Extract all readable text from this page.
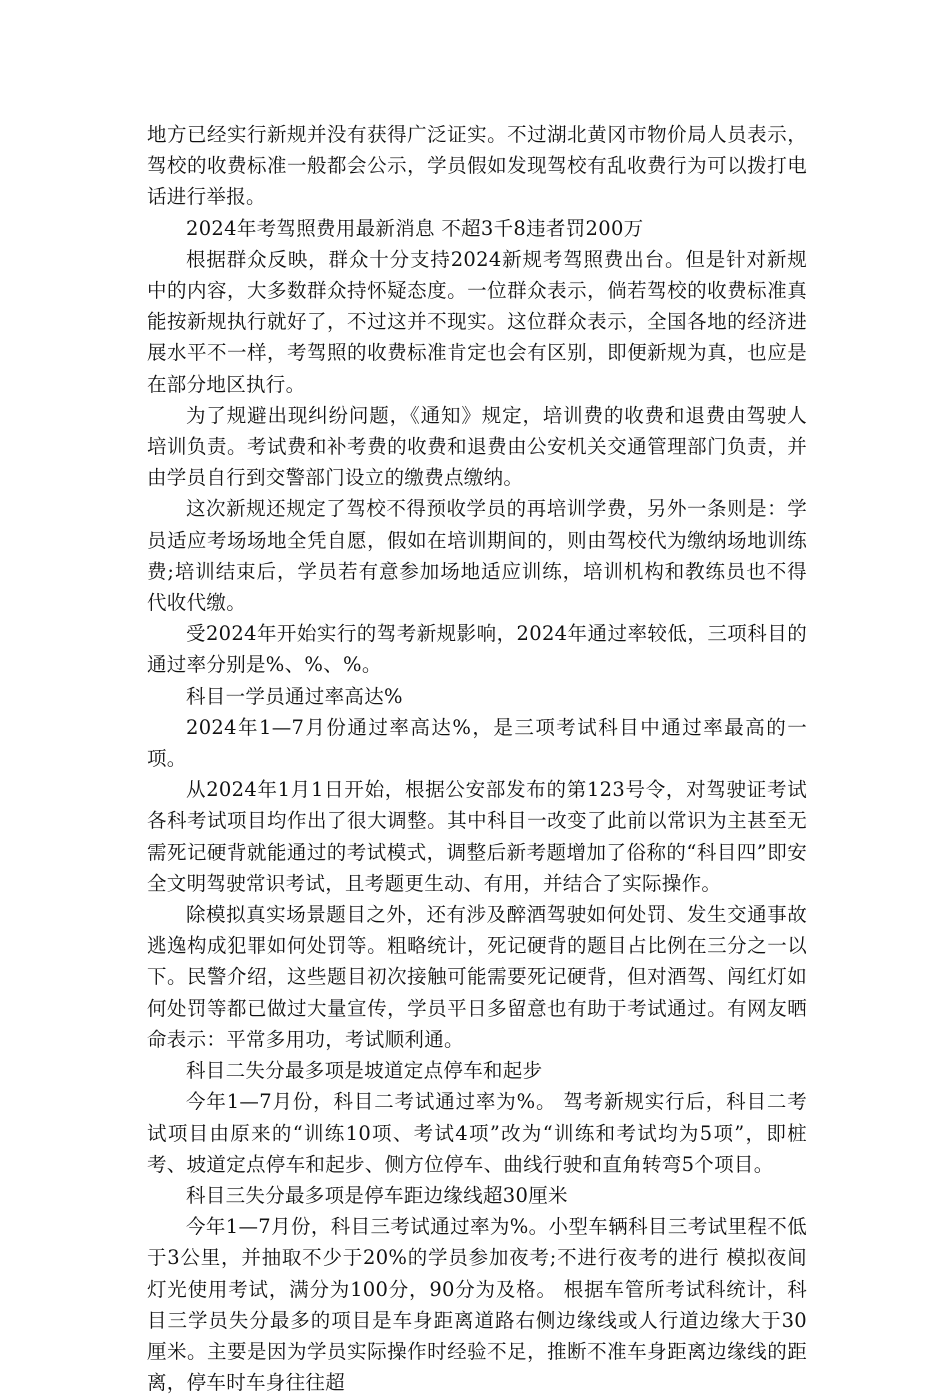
地方已经实行新规并没有获得广泛证实。不过湖北黄冈市物价局人员表示，驾校的收费标准一般都会公示，学员假如发现驾校有乱收费行为可以拨打电话进行举报。

2024年考驾照费用最新消息 不超3千8违者罚200万

根据群众反映，群众十分支持2024新规考驾照费出台。但是针对新规中的内容，大多数群众持怀疑态度。一位群众表示，倘若驾校的收费标准真能按新规执行就好了，不过这并不现实。这位群众表示，全国各地的经济进展水平不一样，考驾照的收费标准肯定也会有区别，即便新规为真，也应是在部分地区执行。

为了规避出现纠纷问题，《通知》规定，培训费的收费和退费由驾驶人培训负责。考试费和补考费的收费和退费由公安机关交通管理部门负责，并由学员自行到交警部门设立的缴费点缴纳。

这次新规还规定了驾校不得预收学员的再培训学费，另外一条则是：学员适应考场场地全凭自愿，假如在培训期间的，则由驾校代为缴纳场地训练费;培训结束后，学员若有意参加场地适应训练，培训机构和教练员也不得代收代缴。

受2024年开始实行的驾考新规影响，2024年通过率较低，三项科目的通过率分别是%、%、%。

科目一学员通过率高达%

2024年1—7月份通过率高达%，是三项考试科目中通过率最高的一项。

从2024年1月1日开始，根据公安部发布的第123号令，对驾驶证考试各科考试项目均作出了很大调整。其中科目一改变了此前以常识为主甚至无 需死记硬背就能通过的考试模式，调整后新考题增加了俗称的“科目四”即安全文明驾驶常识考试，且考题更生动、有用，并结合了实际操作。

除模拟真实场景题目之外，还有涉及醉酒驾驶如何处罚、发生交通事故逃逸构成犯罪如何处罚等。粗略统计，死记硬背的题目占比例在三分之一以下。民警介绍，这些题目初次接触可能需要死记硬背，但对酒驾、闯红灯如何处罚等都已做过大量宣传，学员平日多留意也有助于考试通过。有网友晒命表示：平常多用功，考试顺利通。

科目二失分最多项是坡道定点停车和起步

今年1—7月份，科目二考试通过率为%。 驾考新规实行后，科目二考试项目由原来的“训练10项、考试4项”改为“训练和考试均为5项”，即桩考、坡道定点停车和起步、侧方位停车、曲线行驶和直角转弯5个项目。

科目三失分最多项是停车距边缘线超30厘米

今年1—7月份，科目三考试通过率为%。小型车辆科目三考试里程不低于3公里，并抽取不少于20%的学员参加夜考;不进行夜考的进行 模拟夜间灯光使用考试，满分为100分，90分为及格。 根据车管所考试科统计，科目三学员失分最多的项目是车身距离道路右侧边缘线或人行道边缘大于30 厘米。主要是因为学员实际操作时经验不足，推断不准车身距离边缘线的距离，停车时车身往往超
